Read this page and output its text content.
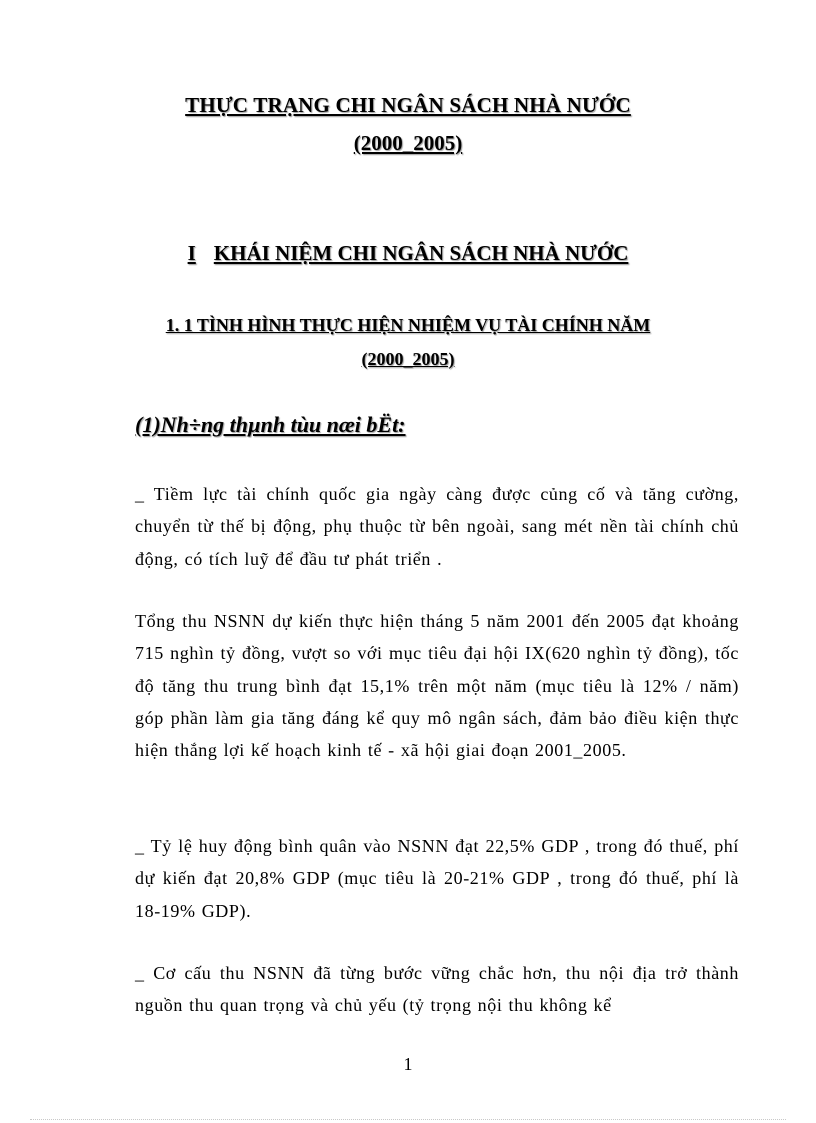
THỰC TRẠNG CHI NGÂN SÁCH NHÀ NƯỚC
(2000_2005)
I KHÁI NIỆM CHI NGÂN SÁCH NHÀ NƯỚC
1. 1 TÌNH HÌNH THỰC HIỆN NHIỆM VỤ TÀI CHÍNH NĂM
(2000_2005)
(1)Nh÷ng thµnh tùu næi bËt:

_ Tiềm lực tài chính quốc gia ngày càng được củng cố và tăng cường, chuyển từ thế bị động, phụ thuộc từ bên ngoài, sang mét nền tài chính chủ động, có tích luỹ để đầu tư phát triển .

Tổng thu NSNN dự kiến thực hiện tháng 5 năm 2001 đến 2005 đạt khoảng 715 nghìn tỷ đồng, vượt so với mục tiêu đại hội IX(620 nghìn tỷ đồng), tốc độ tăng thu trung bình đạt 15,1% trên một năm (mục tiêu là 12% / năm) góp phần làm gia tăng đáng kể quy mô ngân sách, đảm bảo điều kiện thực hiện thắng lợi kế hoạch kinh tế - xã hội giai đoạn 2001_2005.

_ Tỷ lệ huy động bình quân vào NSNN đạt 22,5% GDP , trong đó thuế, phí dự kiến đạt 20,8% GDP (mục tiêu là 20-21% GDP , trong đó thuế, phí là 18-19% GDP).

_ Cơ cấu thu NSNN đã từng bước vững chắc hơn, thu nội địa trở thành nguồn thu quan trọng và chủ yếu (tỷ trọng nội thu không kể

1
